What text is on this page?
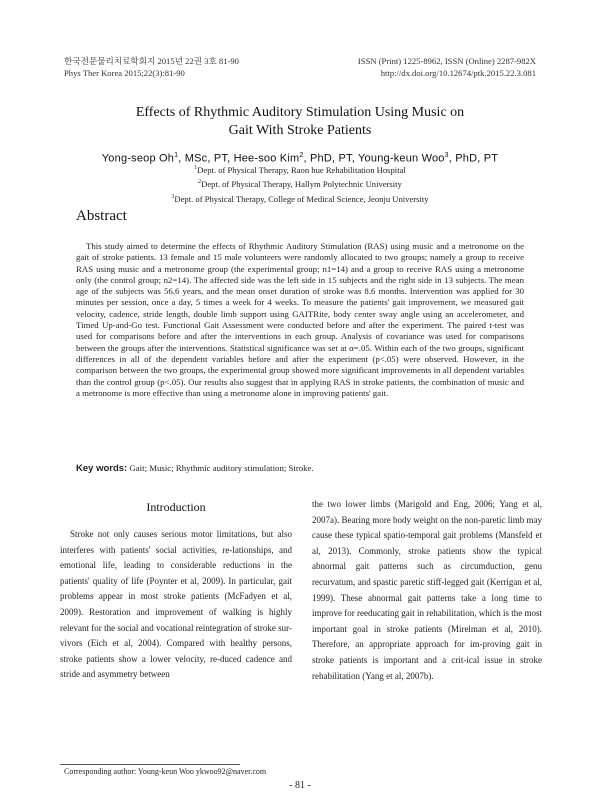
한국전문물리치료학회지 2015년 22권 3호 81-90
Phys Ther Korea 2015;22(3):81-90
ISSN (Print) 1225-8962, ISSN (Online) 2287-982X
http://dx.doi.org/10.12674/ptk.2015.22.3.081
Effects of Rhythmic Auditory Stimulation Using Music on
Gait With Stroke Patients
Yong-seop Oh$^1$, MSc, PT, Hee-soo Kim$^2$, PhD, PT, Young-keun Woo$^3$, PhD, PT
$^1$Dept. of Physical Therapy, Raon hue Rehabilitation Hospital
$^2$Dept. of Physical Therapy, Hallym Polytechnic University
$^3$Dept. of Physical Therapy, College of Medical Science, Jeonju University
Abstract
This study aimed to determine the effects of Rhythmic Auditory Stimulation (RAS) using music and a metronome on the gait of stroke patients. 13 female and 15 male volunteers were randomly allocated to two groups; namely a group to receive RAS using music and a metronome group (the experimental group; n1=14) and a group to receive RAS using a metronome only (the control group; n2=14). The affected side was the left side in 15 subjects and the right side in 13 subjects. The mean age of the subjects was 56.6 years, and the mean onset duration of stroke was 8.6 months. Intervention was applied for 30 minutes per session, once a day, 5 times a week for 4 weeks. To measure the patients' gait improvement, we measured gait velocity, cadence, stride length, double limb support using GAITRite, body center sway angle using an accelerometer, and Timed Up-and-Go test. Functional Gait Assessment were conducted before and after the experiment. The paired t-test was used for comparisons before and after the interventions in each group. Analysis of covariance was used for comparisons between the groups after the interventions. Statistical significance was set at α=.05. Within each of the two groups, significant differences in all of the dependent variables before and after the experiment (p<.05) were observed. However, in the comparison between the two groups, the experimental group showed more significant improvements in all dependent variables than the control group (p<.05). Our results also suggest that in applying RAS in stroke patients, the combination of music and a metronome is more effective than using a metronome alone in improving patients' gait.
Key words: Gait; Music; Rhythmic auditory stimulation; Stroke.
Introduction
Stroke not only causes serious motor limitations, but also interferes with patients' social activities, re-lationships, and emotional life, leading to considerable reductions in the patients' quality of life (Poynter et al, 2009). In particular, gait problems appear in most stroke patients (McFadyen et al, 2009). Restoration and improvement of walking is highly relevant for the social and vocational reintegration of stroke sur-vivors (Eich et al, 2004). Compared with healthy persons, stroke patients show a lower velocity, re-duced cadence and stride and asymmetry between
the two lower limbs (Marigold and Eng, 2006; Yang et al, 2007a). Bearing more body weight on the non-paretic limb may cause these typical spatio-temporal gait problems (Mansfeld et al, 2013). Commonly, stroke patients show the typical abnormal gait patterns such as circumduction, genu recurvatum, and spastic paretic stiff-legged gait (Kerrigan et al, 1999). These abnormal gait patterns take a long time to improve for reeducating gait in rehabilitation, which is the most important goal in stroke patients (Mirelman et al, 2010). Therefore, an appropriate approach for im-proving gait in stroke patients is important and a crit-ical issue in stroke rehabilitation (Yang et al, 2007b).
Corresponding author: Young-keun Woo ykwoo92@naver.com
- 81 -
